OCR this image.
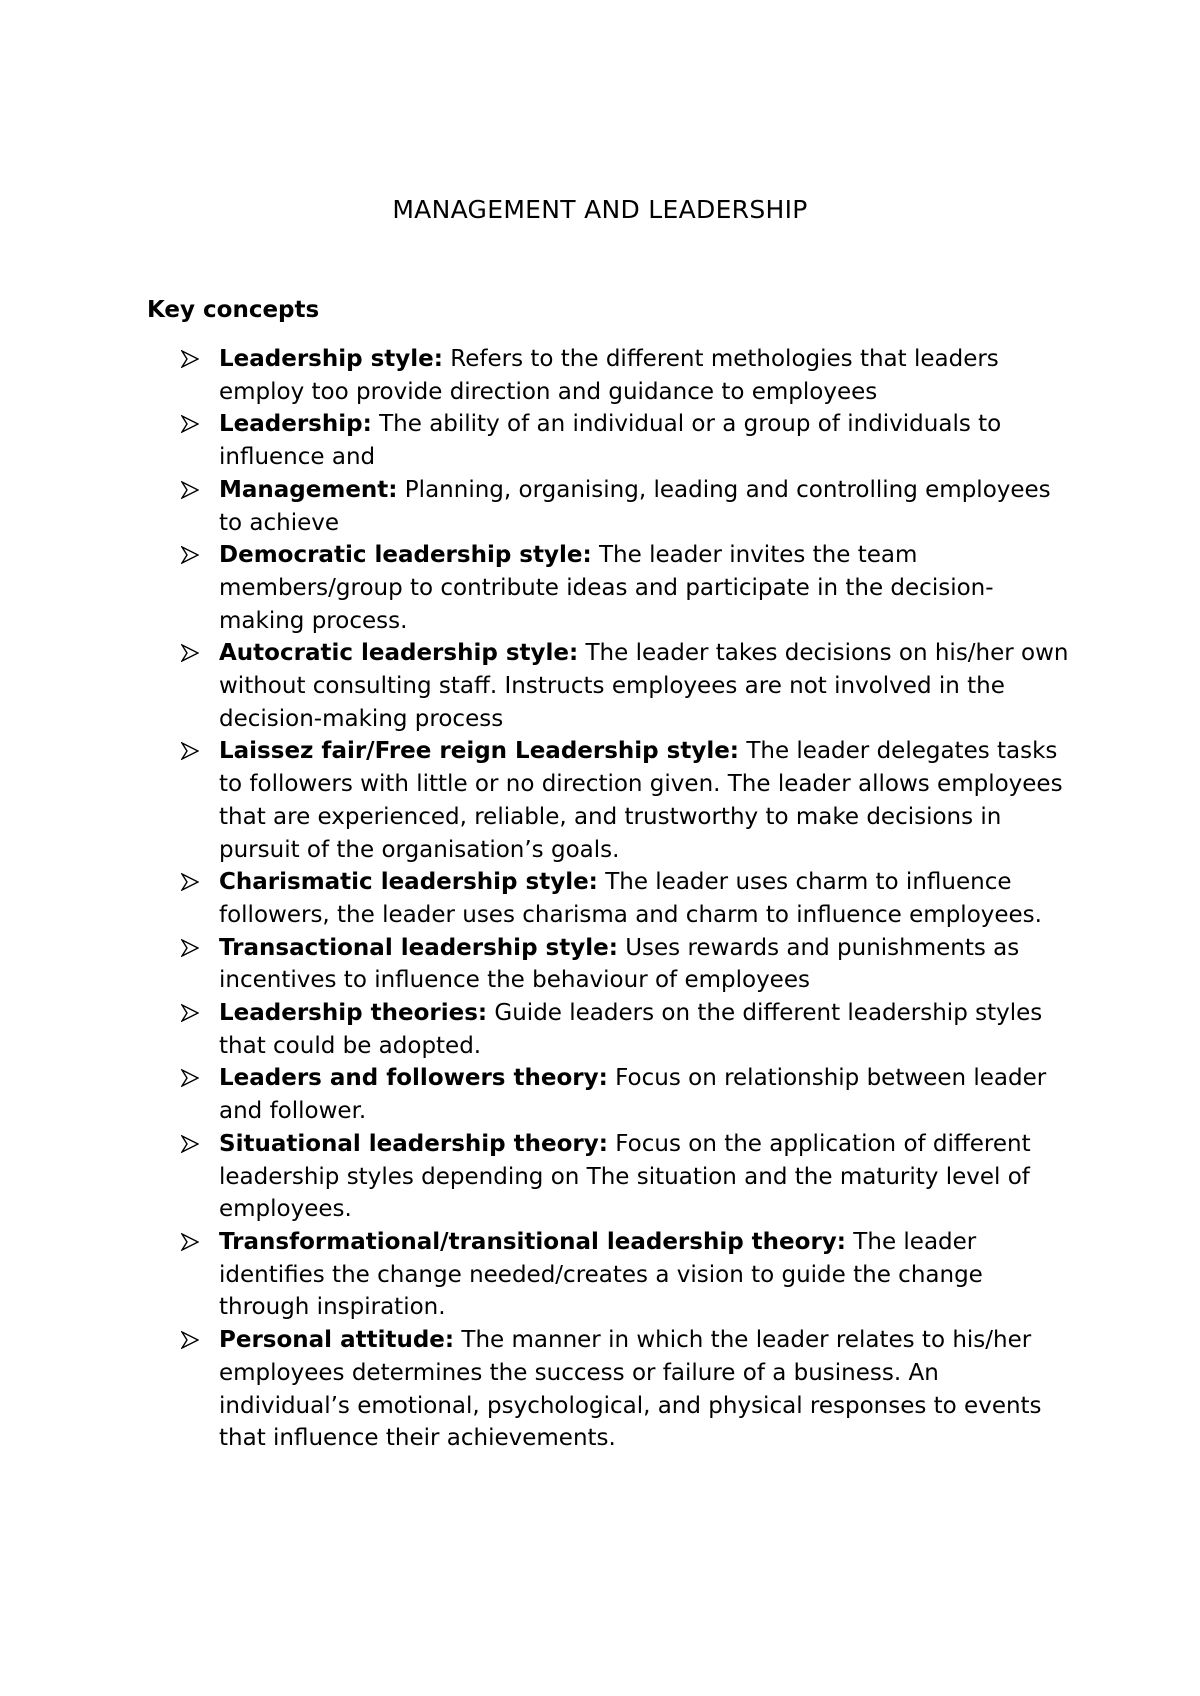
MANAGEMENT AND LEADERSHIP
Key concepts
Leadership style: Refers to the different methologies that leaders employ too provide direction and guidance to employees
Leadership: The ability of an individual or a group of individuals to influence and
Management: Planning, organising, leading and controlling employees to achieve
Democratic leadership style: The leader invites the team members/group to contribute ideas and participate in the decision-making process.
Autocratic leadership style: The leader takes decisions on his/her own without consulting staff. Instructs employees are not involved in the decision-making process
Laissez fair/Free reign Leadership style: The leader delegates tasks to followers with little or no direction given. The leader allows employees that are experienced, reliable, and trustworthy to make decisions in pursuit of the organisation’s goals.
Charismatic leadership style: The leader uses charm to influence followers, the leader uses charisma and charm to influence employees.
Transactional leadership style: Uses rewards and punishments as incentives to influence the behaviour of employees
Leadership theories: Guide leaders on the different leadership styles that could be adopted.
Leaders and followers theory: Focus on relationship between leader and follower.
Situational leadership theory: Focus on the application of different leadership styles depending on The situation and the maturity level of employees.
Transformational/transitional leadership theory: The leader identifies the change needed/creates a vision to guide the change through inspiration.
Personal attitude: The manner in which the leader relates to his/her employees determines the success or failure of a business. An individual’s emotional, psychological, and physical responses to events that influence their achievements.
